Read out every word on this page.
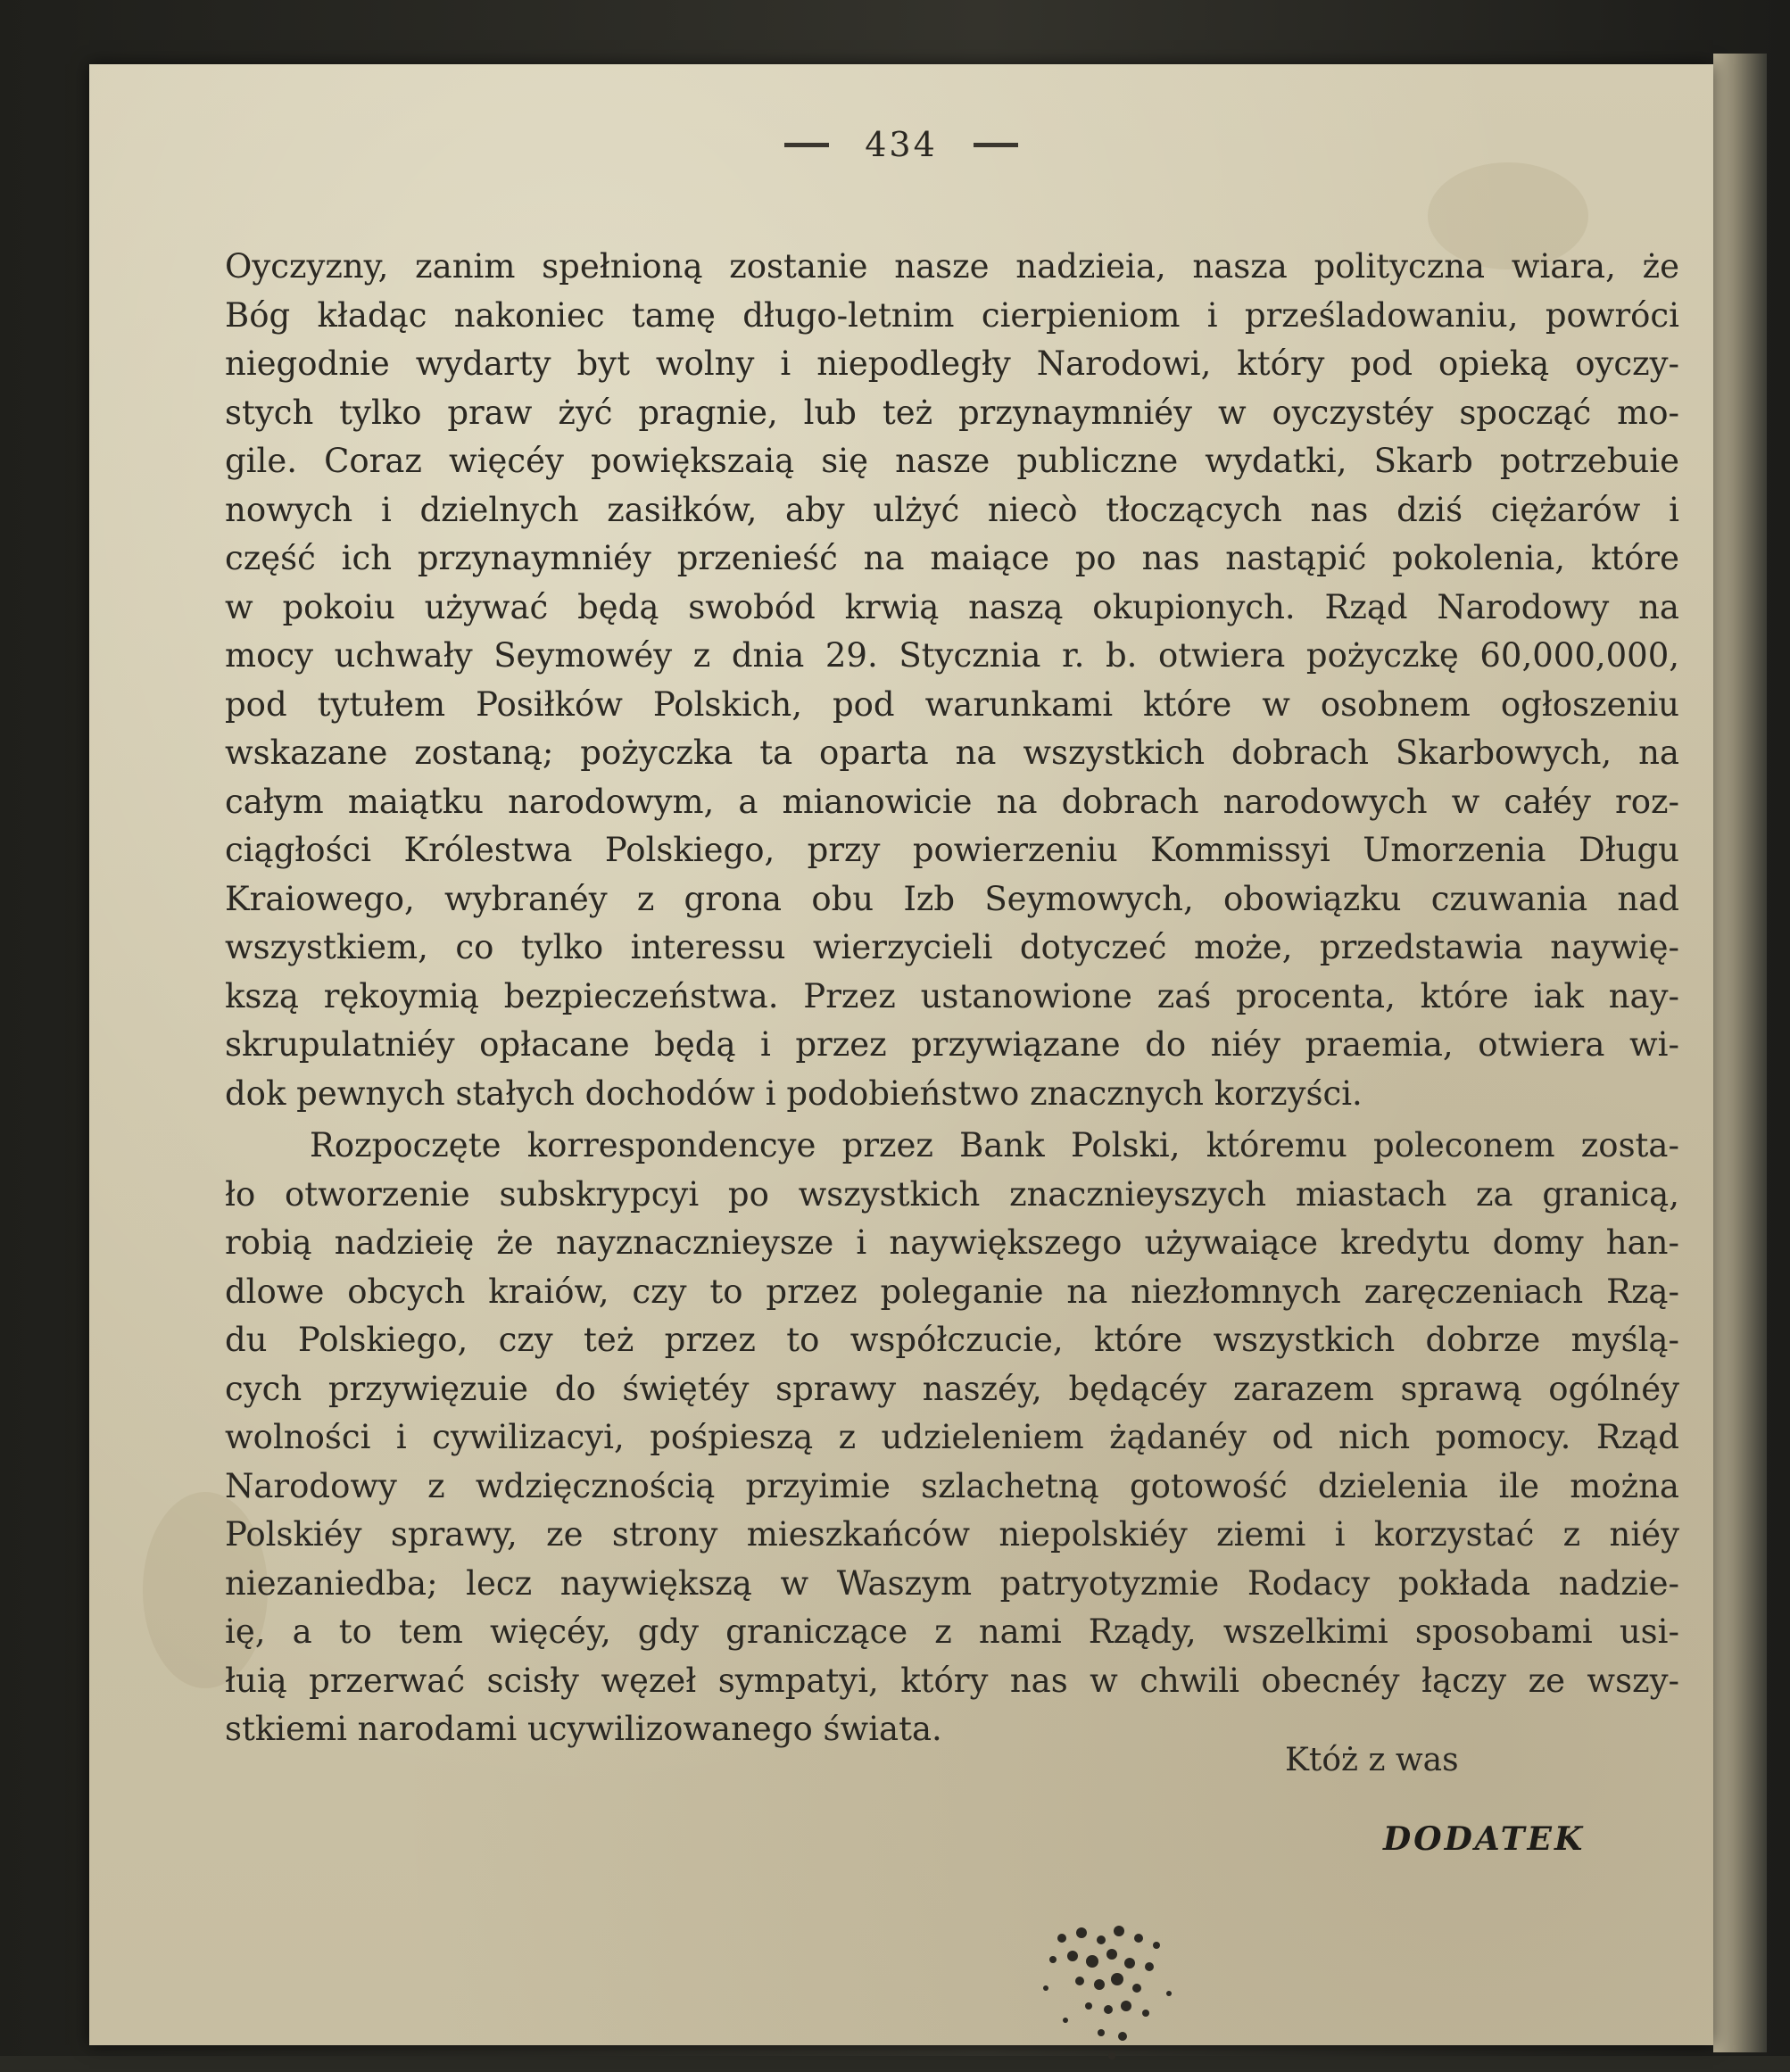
434

Oyczyzny, zanim spełnioną zostanie nasze nadzieia, nasza polityczna wiara, że
Bóg kładąc nakoniec tamę długo-letnim cierpieniom i prześladowaniu, powróci
niegodnie wydarty byt wolny i niepodległy Narodowi, który pod opieką oyczy-
stych tylko praw żyć pragnie, lub też przynaymniéy w oyczystéy spocząć mo-
gile. Coraz więcéy powiększaią się nasze publiczne wydatki, Skarb potrzebuie
nowych i dzielnych zasiłków, aby ulżyć niecò tłoczących nas dziś ciężarów i
część ich przynaymniéy przenieść na maiące po nas nastąpić pokolenia, które
w pokoiu używać będą swobód krwią naszą okupionych. Rząd Narodowy na
mocy uchwały Seymowéy z dnia 29. Stycznia r. b. otwiera pożyczkę 60,000,000,
pod tytułem Posiłków Polskich, pod warunkami które w osobnem ogłoszeniu
wskazane zostaną; pożyczka ta oparta na wszystkich dobrach Skarbowych, na
całym maiątku narodowym, a mianowicie na dobrach narodowych w całéy roz-
ciągłości Królestwa Polskiego, przy powierzeniu Kommissyi Umorzenia Długu
Kraiowego, wybranéy z grona obu Izb Seymowych, obowiązku czuwania nad
wszystkiem, co tylko interessu wierzycieli dotyczeć może, przedstawia naywię-
kszą rękoymią bezpieczeństwa. Przez ustanowione zaś procenta, które iak nay-
skrupulatniéy opłacane będą i przez przywiązane do niéy praemia, otwiera wi-
dok pewnych stałych dochodów i podobieństwo znacznych korzyści.

Rozpoczęte korrespondencye przez Bank Polski, któremu poleconem zosta-
ło otworzenie subskrypcyi po wszystkich znacznieyszych miastach za granicą,
robią nadzieię że nayznacznieysze i naywiększego używaiące kredytu domy han-
dlowe obcych kraiów, czy to przez poleganie na niezłomnych zaręczeniach Rzą-
du Polskiego, czy też przez to współczucie, które wszystkich dobrze myślą-
cych przywięzuie do świętéy sprawy naszéy, będącéy zarazem sprawą ogólnéy
wolności i cywilizacyi, pośpieszą z udzieleniem żądanéy od nich pomocy. Rząd
Narodowy z wdzięcznością przyimie szlachetną gotowość dzielenia ile można
Polskiéy sprawy, ze strony mieszkańców niepolskiéy ziemi i korzystać z niéy
niezaniedba; lecz naywiększą w Waszym patryotyzmie Rodacy pokłada nadzie-
ię, a to tem więcéy, gdy graniczące z nami Rządy, wszelkimi sposobami usi-
łuią przerwać scisły węzeł sympatyi, który nas w chwili obecnéy łączy ze wszy-
stkiemi narodami ucywilizowanego świata.

Któż z was
DODATEK
